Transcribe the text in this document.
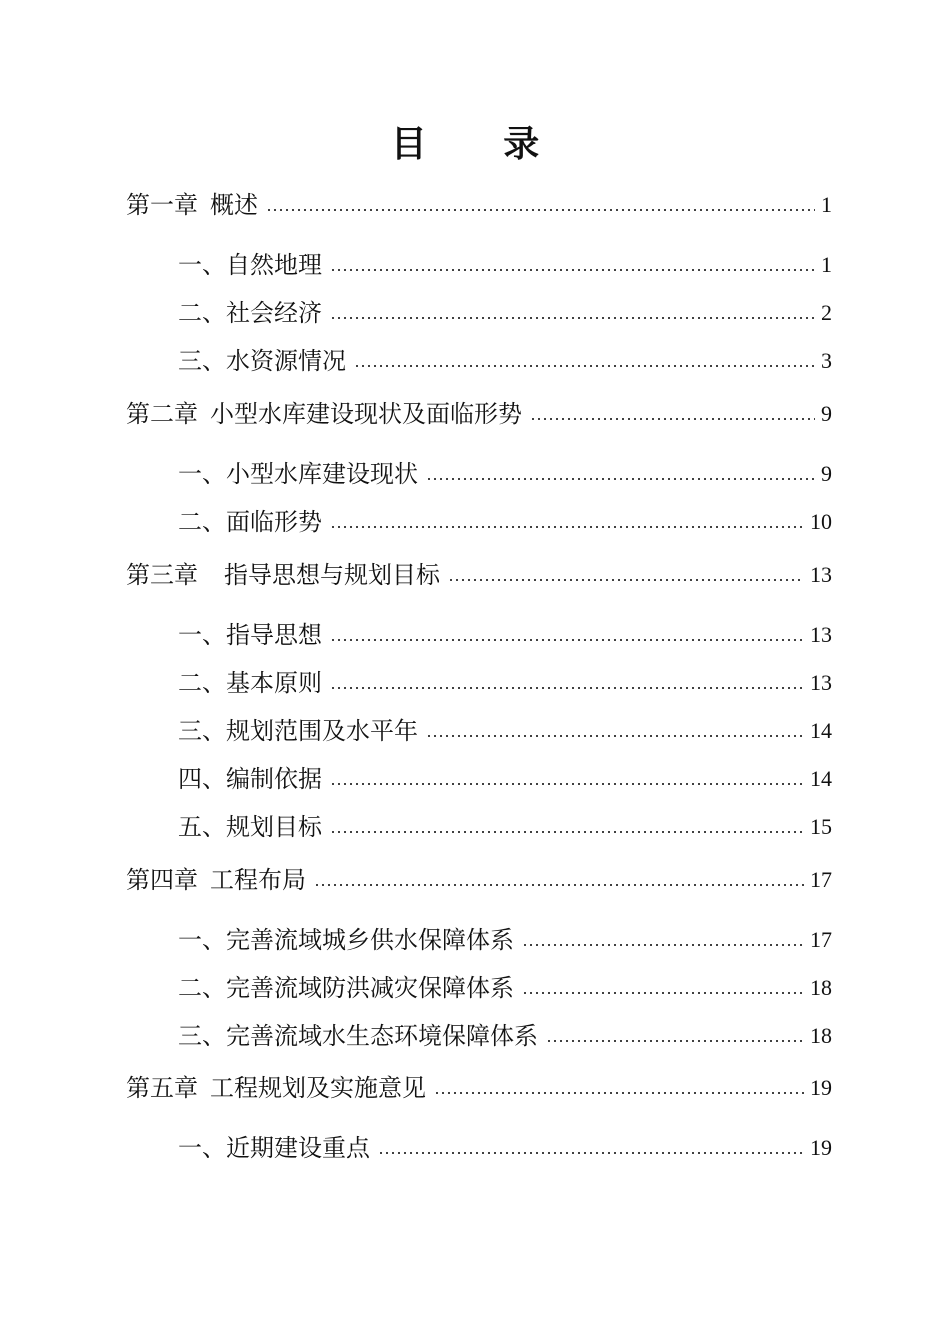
目 录
第一章 概述	1
一、自然地理	1
二、社会经济	2
三、水资源情况	3
第二章 小型水库建设现状及面临形势	9
一、小型水库建设现状	9
二、面临形势	10
第三章 指导思想与规划目标	13
一、指导思想	13
二、基本原则	13
三、规划范围及水平年	14
四、编制依据	14
五、规划目标	15
第四章 工程布局	17
一、完善流域城乡供水保障体系	17
二、完善流域防洪减灾保障体系	18
三、完善流域水生态环境保障体系	18
第五章 工程规划及实施意见	19
一、近期建设重点	19
